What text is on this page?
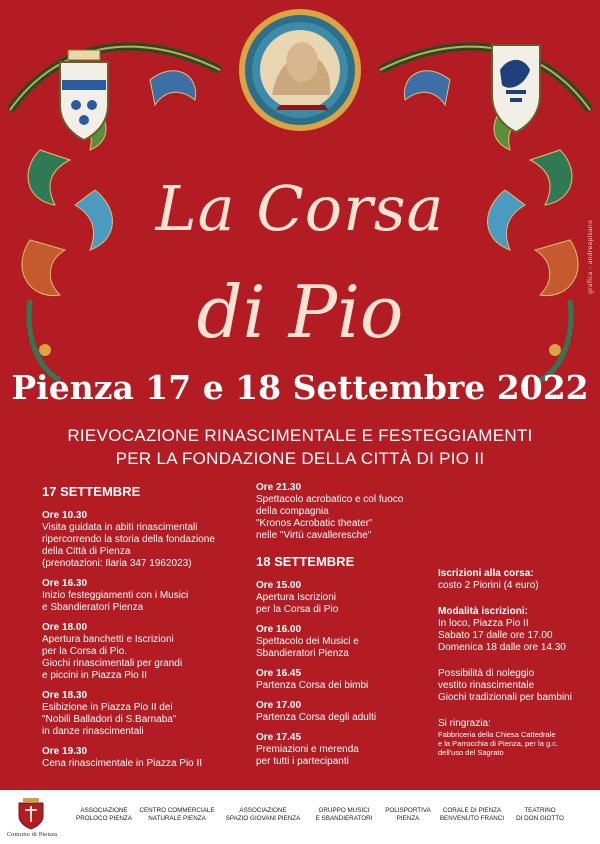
grafica - andreapisano
La Corsa
di Pio
Pienza 17 e 18 Settembre 2022
RIEVOCAZIONE RINASCIMENTALE E FESTEGGIAMENTI
PER LA FONDAZIONE DELLA CITTÀ DI PIO II
17 SETTEMBRE
Ore 10.30
Visita guidata in abiti rinascimentali
ripercorrendo la storia della fondazione
della Città di Pienza
(prenotazioni: Ilaria 347 1962023)
Ore 16.30
Inizio festeggiamenti con i Musici
e Sbandieratori Pienza
Ore 18.00
Apertura banchetti e Iscrizioni
per la Corsa di Pio.
Giochi rinascimentali per grandi
e piccini in Piazza Pio II
Ore 18.30
Esibizione in Piazza Pio II dei
"Nobili Balladori di S.Barnaba"
in danze rinascimentali
Ore 19.30
Cena rinascimentale in Piazza Pio II
Ore 21.30
Spettacolo acrobatico e col fuoco
della compagnia
"Kronos Acrobatic theater"
nelle "Virtù cavalleresche"
18 SETTEMBRE
Ore 15.00
Apertura Iscrizioni
per la Corsa di Pio
Ore 16.00
Spettacolo dei Musici e
Sbandieratori Pienza
Ore 16.45
Partenza Corsa dei bimbi
Ore 17.00
Partenza Corsa degli adulti
Ore 17.45
Premiazioni e merenda
per tutti i partecipanti
Iscrizioni alla corsa:
costo 2 Piorini (4 euro)
Modalità iscrizioni:
In loco, Piazza Pio II
Sabato 17 dalle ore 17.00
Domenica 18 dalle ore 14.30
Possibilità di noleggio
vestito rinascimentale
Giochi tradizionali per bambini
Si ringrazia:
Fabbriceria della Chiesa Cattedrale
e la Parrocchia di Pienza, per la g.c.
dell'uso del Sagrato
Comune di Pienza
ASSOCIAZIONE
PROLOCO PIENZA
CENTRO COMMERCIALE
NATURALE PIENZA
ASSOCIAZIONE
SPAZIO GIOVANI PIENZA
GRUPPO MUSICI
E SBANDIERATORI
POLISPORTIVA
PIENZA
CORALE DI PIENZA
BENVENUTO FRANCI
TEATRINO
DI DON GIOTTO
